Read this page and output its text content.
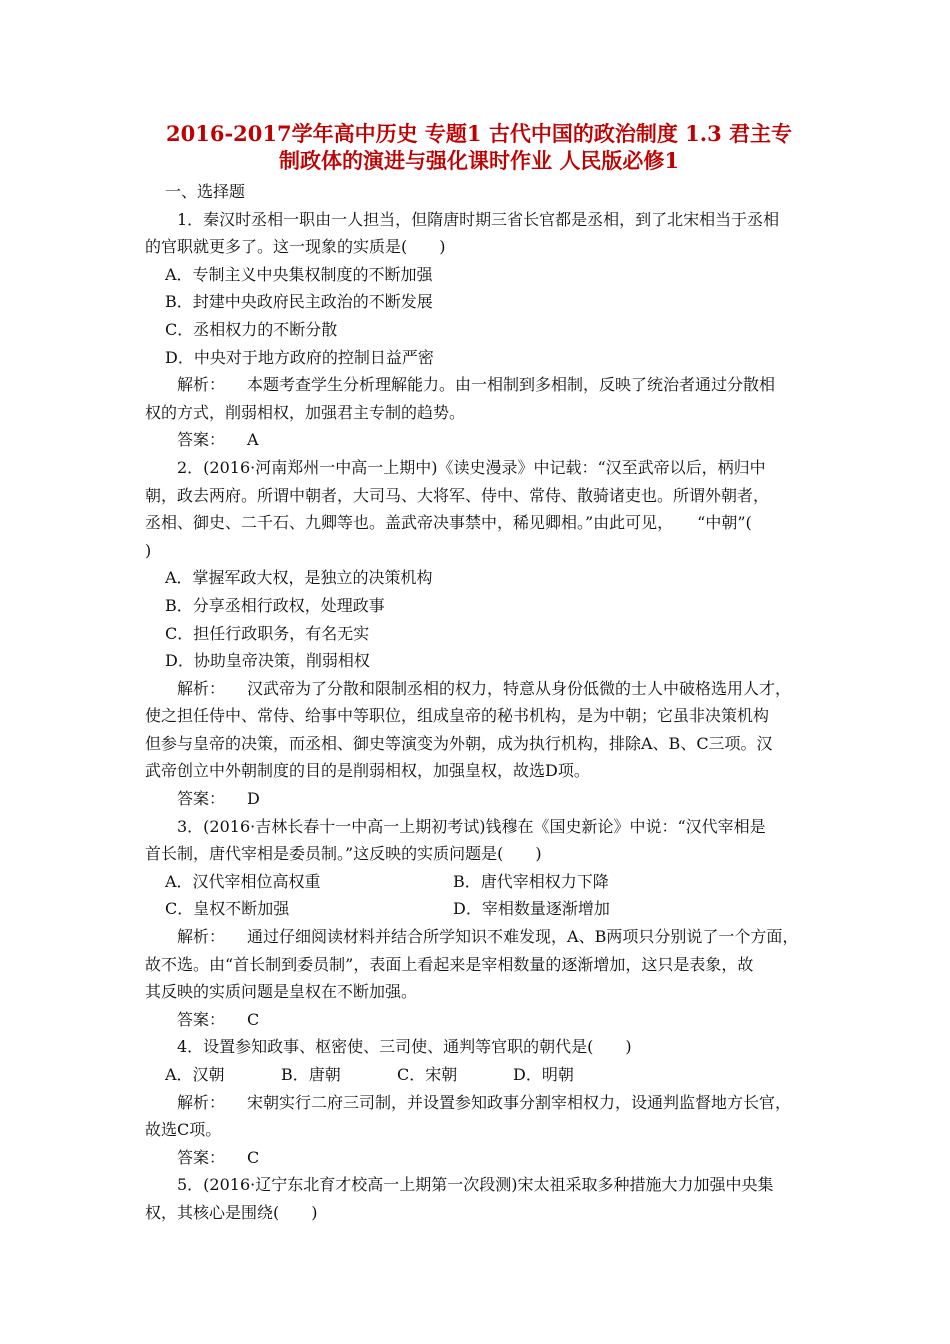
2016-2017学年高中历史 专题1 古代中国的政治制度 1.3 君主专
制政体的演进与强化课时作业 人民版必修1
一、选择题
1．秦汉时丞相一职由一人担当，但隋唐时期三省长官都是丞相，到了北宋相当于丞相
的官职就更多了。这一现象的实质是(　　)
A．专制主义中央集权制度的不断加强
B．封建中央政府民主政治的不断发展
C．丞相权力的不断分散
D．中央对于地方政府的控制日益严密
解析： 本题考查学生分析理解能力。由一相制到多相制，反映了统治者通过分散相
权的方式，削弱相权，加强君主专制的趋势。
答案： A
2．(2016·河南郑州一中高一上期中)《读史漫录》中记载：“汉至武帝以后，柄归中
朝，政去两府。所谓中朝者，大司马、大将军、侍中、常侍、散骑诸吏也。所谓外朝者，
丞相、御史、二千石、九卿等也。盖武帝决事禁中，稀见卿相。”由此可见，　　“中朝”(
)
A．掌握军政大权，是独立的决策机构
B．分享丞相行政权，处理政事
C．担任行政职务，有名无实
D．协助皇帝决策，削弱相权
解析： 汉武帝为了分散和限制丞相的权力，特意从身份低微的士人中破格选用人才，
使之担任侍中、常侍、给事中等职位，组成皇帝的秘书机构，是为中朝；它虽非决策机构
但参与皇帝的决策，而丞相、御史等演变为外朝，成为执行机构，排除A、B、C三项。汉
武帝创立中外朝制度的目的是削弱相权，加强皇权，故选D项。
答案： D
3．(2016·吉林长春十一中高一上期初考试)钱穆在《国史新论》中说：“汉代宰相是
首长制，唐代宰相是委员制。”这反映的实质问题是(　　)
A．汉代宰相位高权重	B．唐代宰相权力下降
C．皇权不断加强	D．宰相数量逐渐增加
解析： 通过仔细阅读材料并结合所学知识不难发现，A、B两项只分别说了一个方面，
故不选。由“首长制到委员制”，表面上看起来是宰相数量的逐渐增加，这只是表象，故
其反映的实质问题是皇权在不断加强。
答案： C
4．设置参知政事、枢密使、三司使、通判等官职的朝代是(　　)
A．汉朝	B．唐朝	C．宋朝	D．明朝
解析： 宋朝实行二府三司制，并设置参知政事分割宰相权力，设通判监督地方长官，
故选C项。
答案： C
5．(2016·辽宁东北育才校高一上期第一次段测)宋太祖采取多种措施大力加强中央集
权，其核心是围绕(　　)
